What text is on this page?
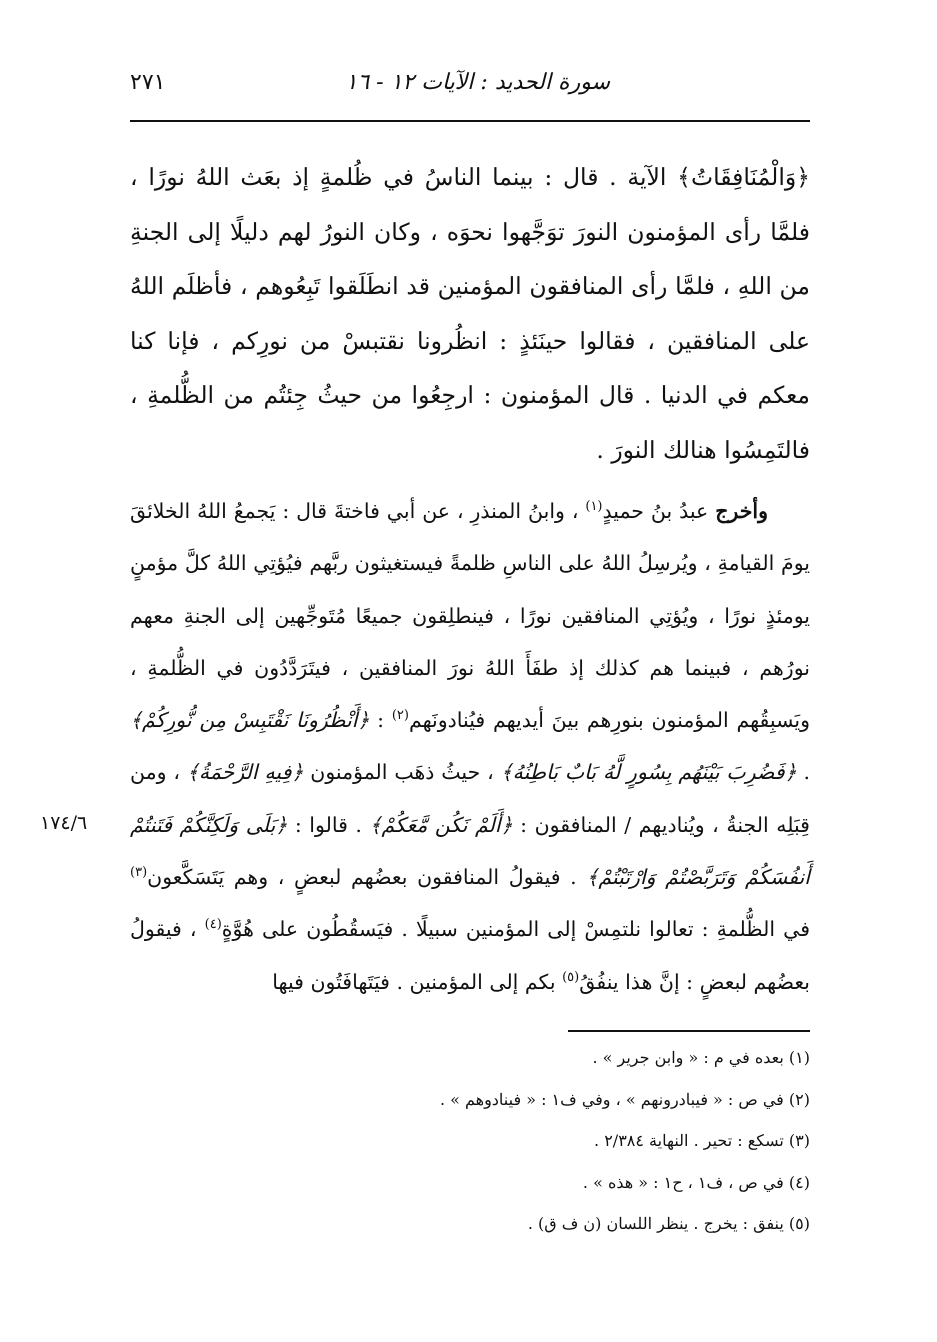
سورة الحديد : الآيات ١٢ - ١٦
٢٧١

﴿وَالْمُنَافِقَاتُ﴾ الآية . قال : بينما الناسُ في ظُلمةٍ إذ بعَث اللهُ نورًا ، فلمَّا رأى المؤمنون النورَ توَجَّهوا نحوَه ، وكان النورُ لهم دليلًا إلى الجنةِ من اللهِ ، فلمَّا رأى المنافقون المؤمنين قد انطَلَقوا تَبِعُوهم ، فأظلَم اللهُ على المنافقين ، فقالوا حينَئذٍ : انظُرونا نقتبسْ من نورِكم ، فإنا كنا معكم في الدنيا . قال المؤمنون : ارجِعُوا من حيثُ جِئتُم من الظُّلمةِ ، فالتَمِسُوا هنالك النورَ .

وأخرج عبدُ بنُ حميدٍ$^{(١)}$ ، وابنُ المنذرِ ، عن أبي فاختةَ قال : يَجمعُ اللهُ الخلائقَ يومَ القيامةِ ، ويُرسِلُ اللهُ على الناسِ ظلمةً فيستغيثون ربَّهم فيُؤتِي اللهُ كلَّ مؤمنٍ يومئذٍ نورًا ، ويُؤتِي المنافقين نورًا ، فينطلِقون جميعًا مُتَوجِّهين إلى الجنةِ معهم نورُهم ، فبينما هم كذلك إذ طفَأَ اللهُ نورَ المنافقين ، فيتَرَدَّدُون في الظُّلمةِ ، ويَسبِقُهم المؤمنون بنورِهم بينَ أيديهم فيُنادونَهم$^{(٢)}$ : ﴿أَنْظُرُونَا نَقْتَبِسْ مِن نُّورِكُمْ﴾ . ﴿فَضُرِبَ بَيْنَهُم بِسُورٍ لَّهُ بَابٌ بَاطِنُهُ﴾ ، حيثُ ذهَب المؤمنون ﴿فِيهِ الرَّحْمَةُ﴾ ، ومن قِبَلِه الجنةُ ، ويُناديهم / المنافقون : ﴿أَلَمْ نَكُن مَّعَكُمْ﴾ . قالوا : ﴿بَلَى وَلَكِنَّكُمْ فَتَنتُمْ أَنفُسَكُمْ وَتَرَبَّصْتُمْ وَارْتَبْتُمْ﴾ . فيقولُ المنافقون بعضُهم لبعضٍ ، وهم يَتَسَكَّعون$^{(٣)}$ في الظُّلمةِ : تعالوا نلتمِسْ إلى المؤمنين سبيلًا . فيَسقُطُون على هُوَّةٍ$^{(٤)}$ ، فيقولُ بعضُهم لبعضٍ : إنَّ هذا ينفُقُ$^{(٥)}$ بكم إلى المؤمنين . فيَتَهافَتُون فيها

١٧٤/٦
(١) بعده في م : « وابن جرير » .
(٢) في ص : « فيبادرونهم » ، وفي ف١ : « فينادوهم » .
(٣) تسكع : تحير . النهاية ٢/٣٨٤ .
(٤) في ص ، ف١ ، ح١ : « هذه » .
(٥) ينفق : يخرج . ينظر اللسان (ن ف ق) .
